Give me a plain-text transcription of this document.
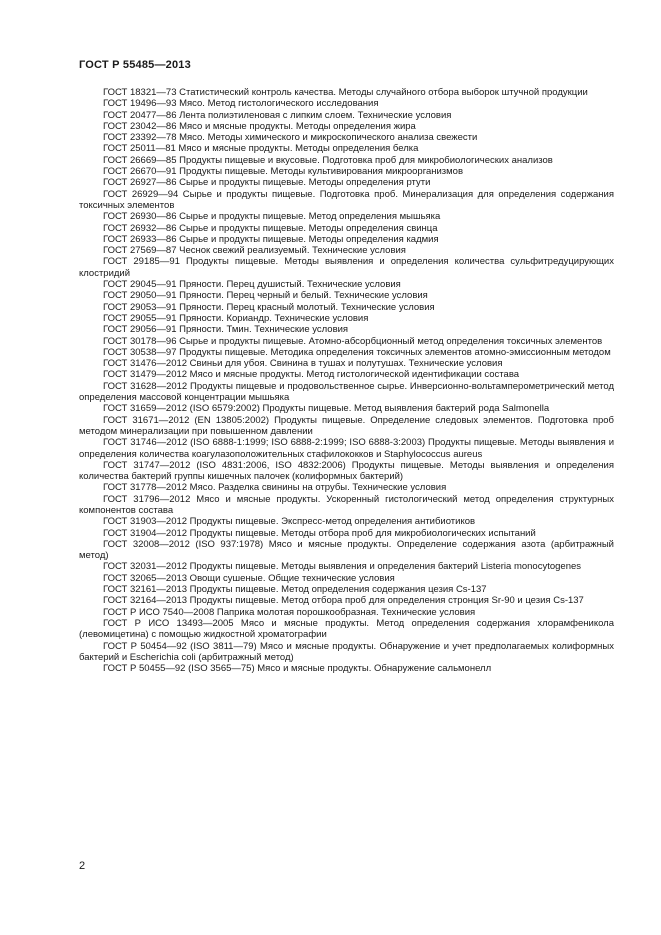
ГОСТ Р 55485—2013

ГОСТ 18321—73 Статистический контроль качества. Методы случайного отбора выборок штучной продукции

ГОСТ 19496—93 Мясо. Метод гистологического исследования

ГОСТ 20477—86 Лента полиэтиленовая с липким слоем. Технические условия

ГОСТ 23042—86 Мясо и мясные продукты. Методы определения жира

ГОСТ 23392—78 Мясо. Методы химического и микроскопического анализа свежести

ГОСТ 25011—81 Мясо и мясные продукты. Методы определения белка

ГОСТ 26669—85 Продукты пищевые и вкусовые. Подготовка проб для микробиологических анализов

ГОСТ 26670—91 Продукты пищевые. Методы культивирования микроорганизмов

ГОСТ 26927—86 Сырье и продукты пищевые. Методы определения ртути

ГОСТ 26929—94 Сырье и продукты пищевые. Подготовка проб. Минерализация для определения содержания токсичных элементов

ГОСТ 26930—86 Сырье и продукты пищевые. Метод определения мышьяка

ГОСТ 26932—86 Сырье и продукты пищевые. Методы определения свинца

ГОСТ 26933—86 Сырье и продукты пищевые. Методы определения кадмия

ГОСТ 27569—87 Чеснок свежий реализуемый. Технические условия

ГОСТ 29185—91 Продукты пищевые. Методы выявления и определения количества сульфитредуцирующих клостридий

ГОСТ 29045—91 Пряности. Перец душистый. Технические условия

ГОСТ 29050—91 Пряности. Перец черный и белый. Технические условия

ГОСТ 29053—91 Пряности. Перец красный молотый. Технические условия

ГОСТ 29055—91 Пряности. Кориандр. Технические условия

ГОСТ 29056—91 Пряности. Тмин. Технические условия

ГОСТ 30178—96 Сырье и продукты пищевые. Атомно-абсорбционный метод определения токсичных элементов

ГОСТ 30538—97 Продукты пищевые. Методика определения токсичных элементов атомно-эмиссионным методом

ГОСТ 31476—2012 Свиньи для убоя. Свинина в тушах и полутушах. Технические условия

ГОСТ 31479—2012 Мясо и мясные продукты. Метод гистологической идентификации состава

ГОСТ 31628—2012 Продукты пищевые и продовольственное сырье. Инверсионно-вольтамперометрический метод определения массовой концентрации мышьяка

ГОСТ 31659—2012 (ISO 6579:2002) Продукты пищевые. Метод выявления бактерий рода Salmonella

ГОСТ 31671—2012 (EN 13805:2002) Продукты пищевые. Определение следовых элементов. Подготовка проб методом минерализации при повышенном давлении

ГОСТ 31746—2012 (ISO 6888-1:1999; ISO 6888-2:1999; ISO 6888-3:2003) Продукты пищевые. Методы выявления и определения количества коагулазоположительных стафилококков и Staphylococcus aureus

ГОСТ 31747—2012 (ISO 4831:2006, ISO 4832:2006) Продукты пищевые. Методы выявления и определения количества бактерий группы кишечных палочек (колиформных бактерий)

ГОСТ 31778—2012 Мясо. Разделка свинины на отрубы. Технические условия

ГОСТ 31796—2012 Мясо и мясные продукты. Ускоренный гистологический метод определения структурных компонентов состава

ГОСТ 31903—2012 Продукты пищевые. Экспресс-метод определения антибиотиков

ГОСТ 31904—2012 Продукты пищевые. Методы отбора проб для микробиологических испытаний

ГОСТ 32008—2012 (ISO 937:1978) Мясо и мясные продукты. Определение содержания азота (арбитражный метод)

ГОСТ 32031—2012 Продукты пищевые. Методы выявления и определения бактерий Listeria monocytogenes

ГОСТ 32065—2013 Овощи сушеные. Общие технические условия

ГОСТ 32161—2013 Продукты пищевые. Метод определения содержания цезия Cs-137

ГОСТ 32164—2013 Продукты пищевые. Метод отбора проб для определения стронция Sr-90 и цезия Cs-137

ГОСТ Р ИСО 7540—2008 Паприка молотая порошкообразная. Технические условия

ГОСТ Р ИСО 13493—2005 Мясо и мясные продукты. Метод определения содержания хлорамфеникола (левомицетина) с помощью жидкостной хроматографии

ГОСТ Р 50454—92 (ISO 3811—79) Мясо и мясные продукты. Обнаружение и учет предполагаемых колиформных бактерий и Escherichia coli (арбитражный метод)

ГОСТ Р 50455—92 (ISO 3565—75) Мясо и мясные продукты. Обнаружение сальмонелл

2
